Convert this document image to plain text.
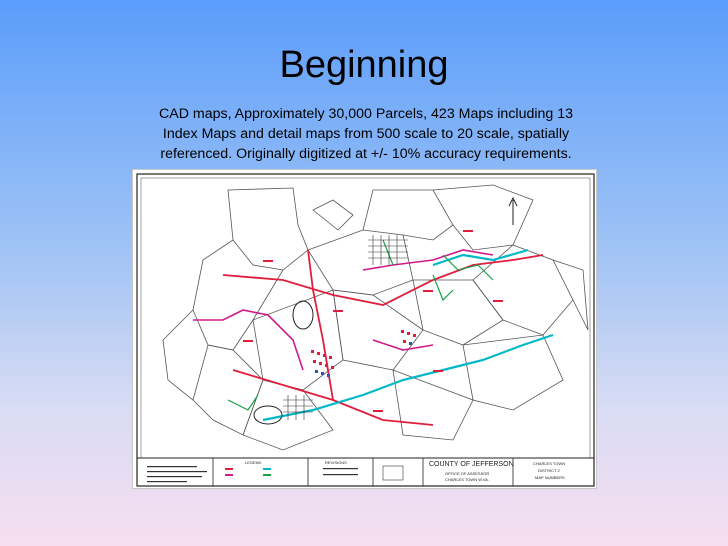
Beginning
CAD maps, Approximately 30,000 Parcels, 423 Maps including 13 Index Maps and detail maps from 500 scale to 20 scale, spatially referenced. Originally digitized at +/- 10% accuracy requirements.
LEGEND	REVISIONS	COUNTY OF JEFFERSON
OFFICE OF ASSESSOR
CHARLES TOWN W.VA.
CHARLES TOWN
DISTRICT 2
MAP NUMBERS
